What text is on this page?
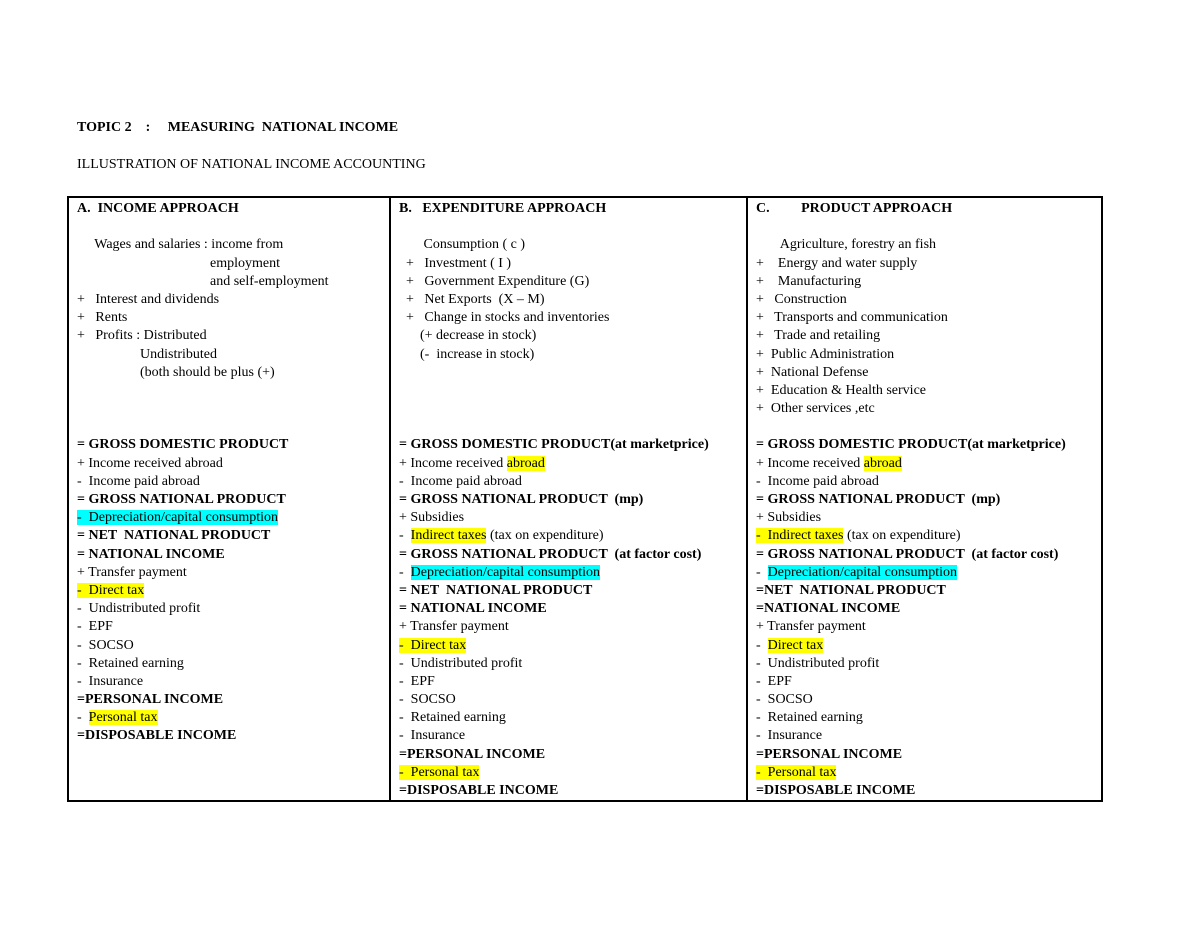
TOPIC 2    :     MEASURING  NATIONAL INCOME
ILLUSTRATION OF NATIONAL INCOME ACCOUNTING
A.  INCOME APPROACH
Wages and salaries : income from
employment
and self-employment
+   Interest and dividends
+   Rents
+   Profits : Distributed
Undistributed
(both should be plus (+)
= GROSS DOMESTIC PRODUCT
+ Income received abroad
-  Income paid abroad
= GROSS NATIONAL PRODUCT
-  Depreciation/capital consumption
= NET  NATIONAL PRODUCT
= NATIONAL INCOME
+ Transfer payment
-  Direct tax
-  Undistributed profit
-  EPF
-  SOCSO
-  Retained earning
-  Insurance
=PERSONAL INCOME
-  Personal tax
=DISPOSABLE INCOME

B.   EXPENDITURE APPROACH
Consumption ( c )
+   Investment ( I )
+   Government Expenditure (G)
+   Net Exports  (X – M)
+   Change in stocks and inventories
(+ decrease in stock)
(-  increase in stock)
= GROSS DOMESTIC PRODUCT(at marketprice)
+ Income received abroad
-  Income paid abroad
= GROSS NATIONAL PRODUCT  (mp)
+ Subsidies
-  Indirect taxes (tax on expenditure)
= GROSS NATIONAL PRODUCT  (at factor cost)
-  Depreciation/capital consumption
= NET  NATIONAL PRODUCT
= NATIONAL INCOME
+ Transfer payment
-  Direct tax
-  Undistributed profit
-  EPF
-  SOCSO
-  Retained earning
-  Insurance
=PERSONAL INCOME
-  Personal tax
=DISPOSABLE INCOME

C.         PRODUCT APPROACH
Agriculture, forestry an fish
+    Energy and water supply
+    Manufacturing
+   Construction
+   Transports and communication
+   Trade and retailing
+  Public Administration
+  National Defense
+  Education & Health service
+  Other services ,etc
= GROSS DOMESTIC PRODUCT(at marketprice)
+ Income received abroad
-  Income paid abroad
= GROSS NATIONAL PRODUCT  (mp)
+ Subsidies
-  Indirect taxes (tax on expenditure)
= GROSS NATIONAL PRODUCT  (at factor cost)
-  Depreciation/capital consumption
=NET  NATIONAL PRODUCT
=NATIONAL INCOME
+ Transfer payment
-  Direct tax
-  Undistributed profit
-  EPF
-  SOCSO
-  Retained earning
-  Insurance
=PERSONAL INCOME
-  Personal tax
=DISPOSABLE INCOME
